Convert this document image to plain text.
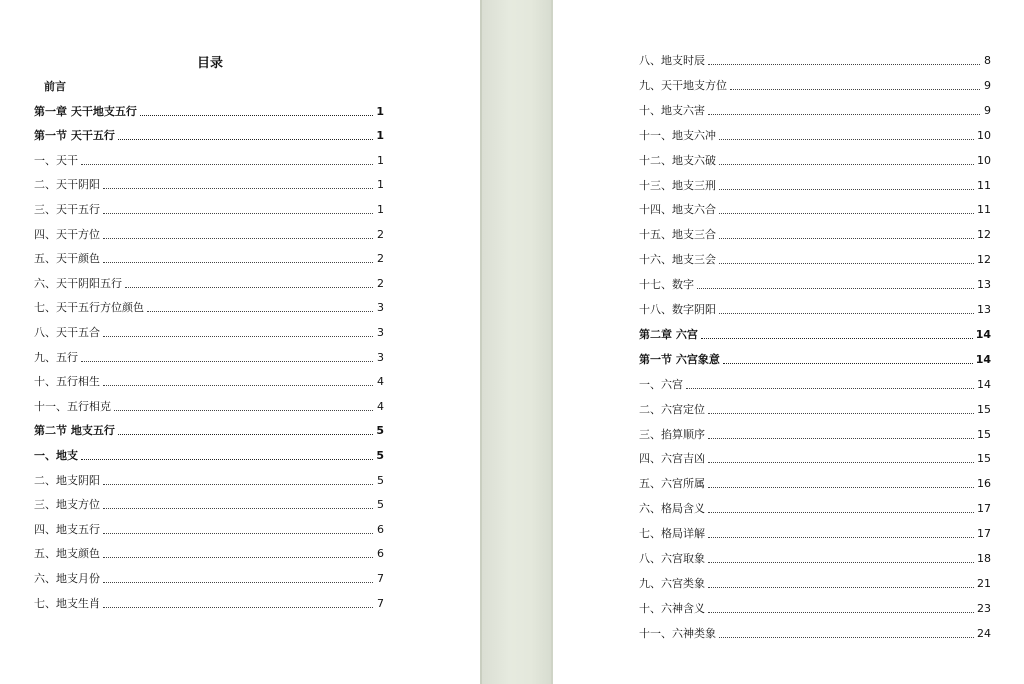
目录
前言
第一章 天干地支五行	1
第一节 天干五行	1
一、天干	1
二、天干阴阳	1
三、天干五行	1
四、天干方位	2
五、天干颜色	2
六、天干阴阳五行	2
七、天干五行方位颜色	3
八、天干五合	3
九、五行	3
十、五行相生	4
十一、五行相克	4
第二节 地支五行	5
一、地支	5
二、地支阴阳	5
三、地支方位	5
四、地支五行	6
五、地支颜色	6
六、地支月份	7
七、地支生肖	7
八、地支时辰	8
九、天干地支方位	9
十、地支六害	9
十一、地支六冲	10
十二、地支六破	10
十三、地支三刑	11
十四、地支六合	11
十五、地支三合	12
十六、地支三会	12
十七、数字	13
十八、数字阴阳	13
第二章 六宫	14
第一节 六宫象意	14
一、六宫	14
二、六宫定位	15
三、掐算顺序	15
四、六宫吉凶	15
五、六宫所属	16
六、格局含义	17
七、格局详解	17
八、六宫取象	18
九、六宫类象	21
十、六神含义	23
十一、六神类象	24
